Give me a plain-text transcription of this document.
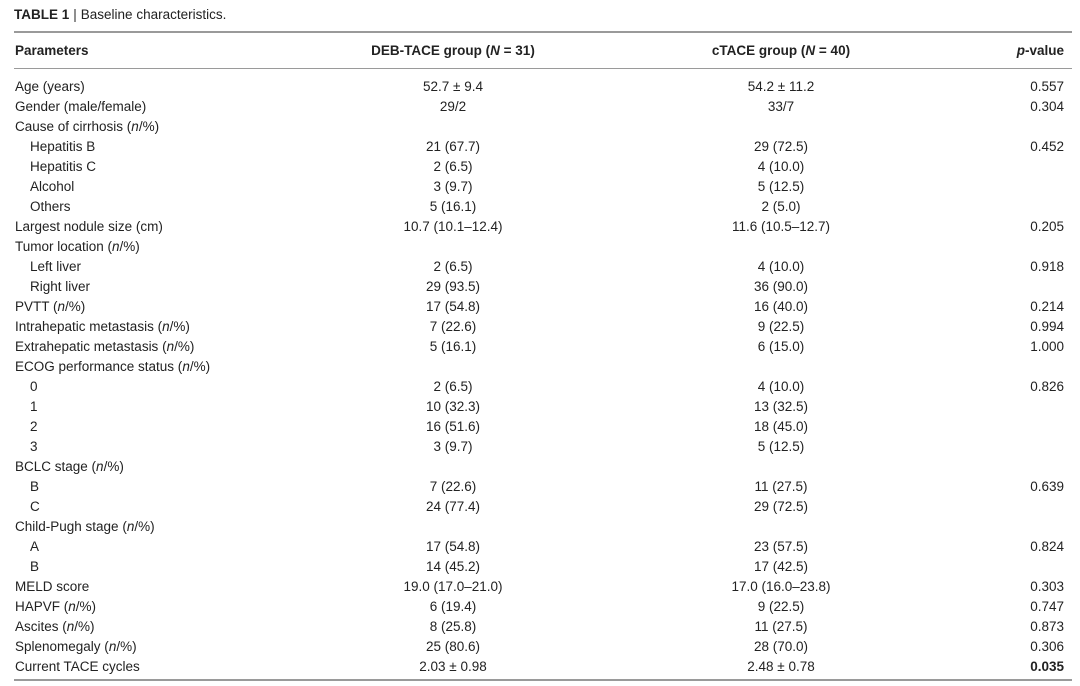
TABLE 1 | Baseline characteristics.
Parameters	DEB-TACE group (N = 31)	cTACE group (N = 40)	p-value
Age (years)	52.7 ± 9.4	54.2 ± 11.2	0.557
Gender (male/female)	29/2	33/7	0.304
Cause of cirrhosis (n/%)
Hepatitis B	21 (67.7)	29 (72.5)	0.452
Hepatitis C	2 (6.5)	4 (10.0)
Alcohol	3 (9.7)	5 (12.5)
Others	5 (16.1)	2 (5.0)
Largest nodule size (cm)	10.7 (10.1–12.4)	11.6 (10.5–12.7)	0.205
Tumor location (n/%)
Left liver	2 (6.5)	4 (10.0)	0.918
Right liver	29 (93.5)	36 (90.0)
PVTT (n/%)	17 (54.8)	16 (40.0)	0.214
Intrahepatic metastasis (n/%)	7 (22.6)	9 (22.5)	0.994
Extrahepatic metastasis (n/%)	5 (16.1)	6 (15.0)	1.000
ECOG performance status (n/%)
0	2 (6.5)	4 (10.0)	0.826
1	10 (32.3)	13 (32.5)
2	16 (51.6)	18 (45.0)
3	3 (9.7)	5 (12.5)
BCLC stage (n/%)
B	7 (22.6)	11 (27.5)	0.639
C	24 (77.4)	29 (72.5)
Child-Pugh stage (n/%)
A	17 (54.8)	23 (57.5)	0.824
B	14 (45.2)	17 (42.5)
MELD score	19.0 (17.0–21.0)	17.0 (16.0–23.8)	0.303
HAPVF (n/%)	6 (19.4)	9 (22.5)	0.747
Ascites (n/%)	8 (25.8)	11 (27.5)	0.873
Splenomegaly (n/%)	25 (80.6)	28 (70.0)	0.306
Current TACE cycles	2.03 ± 0.98	2.48 ± 0.78	0.035
